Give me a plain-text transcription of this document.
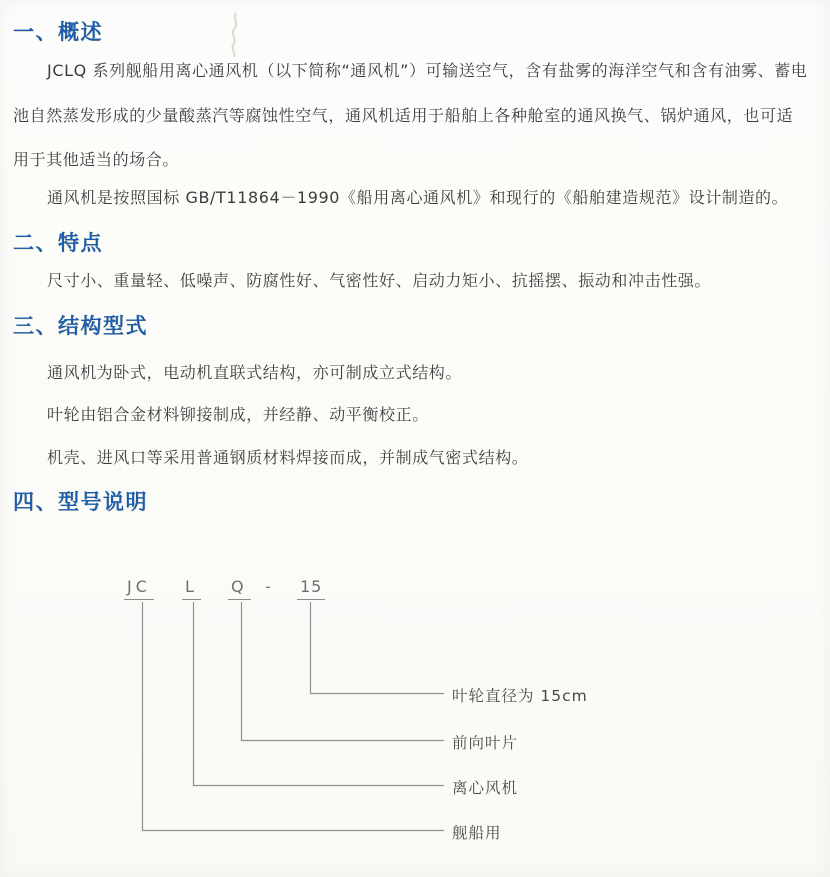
一、概述
JCLQ 系列舰船用离心通风机（以下简称“通风机”）可输送空气，含有盐雾的海洋空气和含有油雾、蓄电
池自然蒸发形成的少量酸蒸汽等腐蚀性空气，通风机适用于船舶上各种舱室的通风换气、锅炉通风，也可适
用于其他适当的场合。
通风机是按照国标 GB/T11864－1990《船用离心通风机》和现行的《船舶建造规范》设计制造的。
二、特点
尺寸小、重量轻、低噪声、防腐性好、气密性好、启动力矩小、抗摇摆、振动和冲击性强。
三、结构型式
通风机为卧式，电动机直联式结构，亦可制成立式结构。
叶轮由铝合金材料铆接制成，并经静、动平衡校正。
机壳、进风口等采用普通钢质材料焊接而成，并制成气密式结构。
四、型号说明
JC L Q - 15
叶轮直径为 15cm
前向叶片
离心风机
舰船用
